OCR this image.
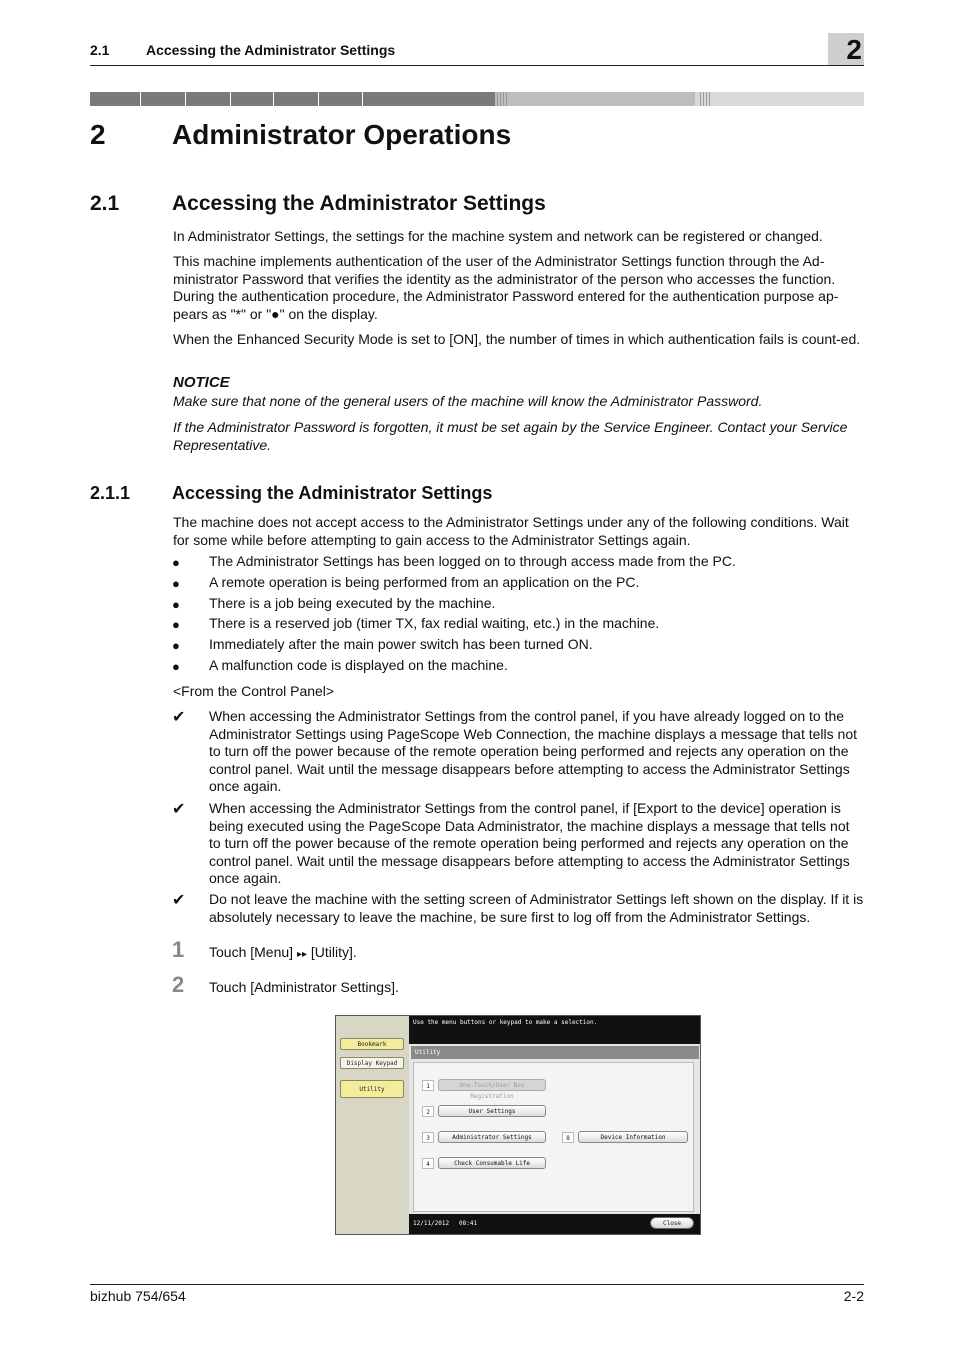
2.1	Accessing the Administrator Settings	2
2 Administrator Operations
2.1	Accessing the Administrator Settings
In Administrator Settings, the settings for the machine system and network can be registered or changed.
This machine implements authentication of the user of the Administrator Settings function through the Ad-ministrator Password that verifies the identity as the administrator of the person who accesses the function. During the authentication procedure, the Administrator Password entered for the authentication purpose ap-pears as "*" or "●" on the display.
When the Enhanced Security Mode is set to [ON], the number of times in which authentication fails is count-ed.
NOTICE
Make sure that none of the general users of the machine will know the Administrator Password.
If the Administrator Password is forgotten, it must be set again by the Service Engineer. Contact your Service Representative.
2.1.1 Accessing the Administrator Settings
The machine does not accept access to the Administrator Settings under any of the following conditions. Wait for some while before attempting to gain access to the Administrator Settings again.
● The Administrator Settings has been logged on to through access made from the PC.
● A remote operation is being performed from an application on the PC.
● There is a job being executed by the machine.
● There is a reserved job (timer TX, fax redial waiting, etc.) in the machine.
● Immediately after the main power switch has been turned ON.
● A malfunction code is displayed on the machine.
<From the Control Panel>
✔ When accessing the Administrator Settings from the control panel, if you have already logged on to the Administrator Settings using PageScope Web Connection, the machine displays a message that tells not to turn off the power because of the remote operation being performed and rejects any operation on the control panel. Wait until the message disappears before attempting to access the Administrator Settings once again.
✔ When accessing the Administrator Settings from the control panel, if [Export to the device] operation is being executed using the PageScope Data Administrator, the machine displays a message that tells not to turn off the power because of the remote operation being performed and rejects any operation on the control panel. Wait until the message disappears before attempting to access the Administrator Settings once again.
✔ Do not leave the machine with the setting screen of Administrator Settings left shown on the display. If it is absolutely necessary to leave the machine, be sure first to log off from the Administrator Settings.
1 Touch [Menu] ▸▸ [Utility].
2 Touch [Administrator Settings].
Bookmark
Display Keypad
Utility
Use the menu buttons or keypad to make a selection.
Utility
1	One-Touch/User Box Registration
2	User Settings
3	Administrator Settings
4	Check Consumable Life
8	Device Information
12/11/2012 08:41	Close
bizhub 754/654	2-2
